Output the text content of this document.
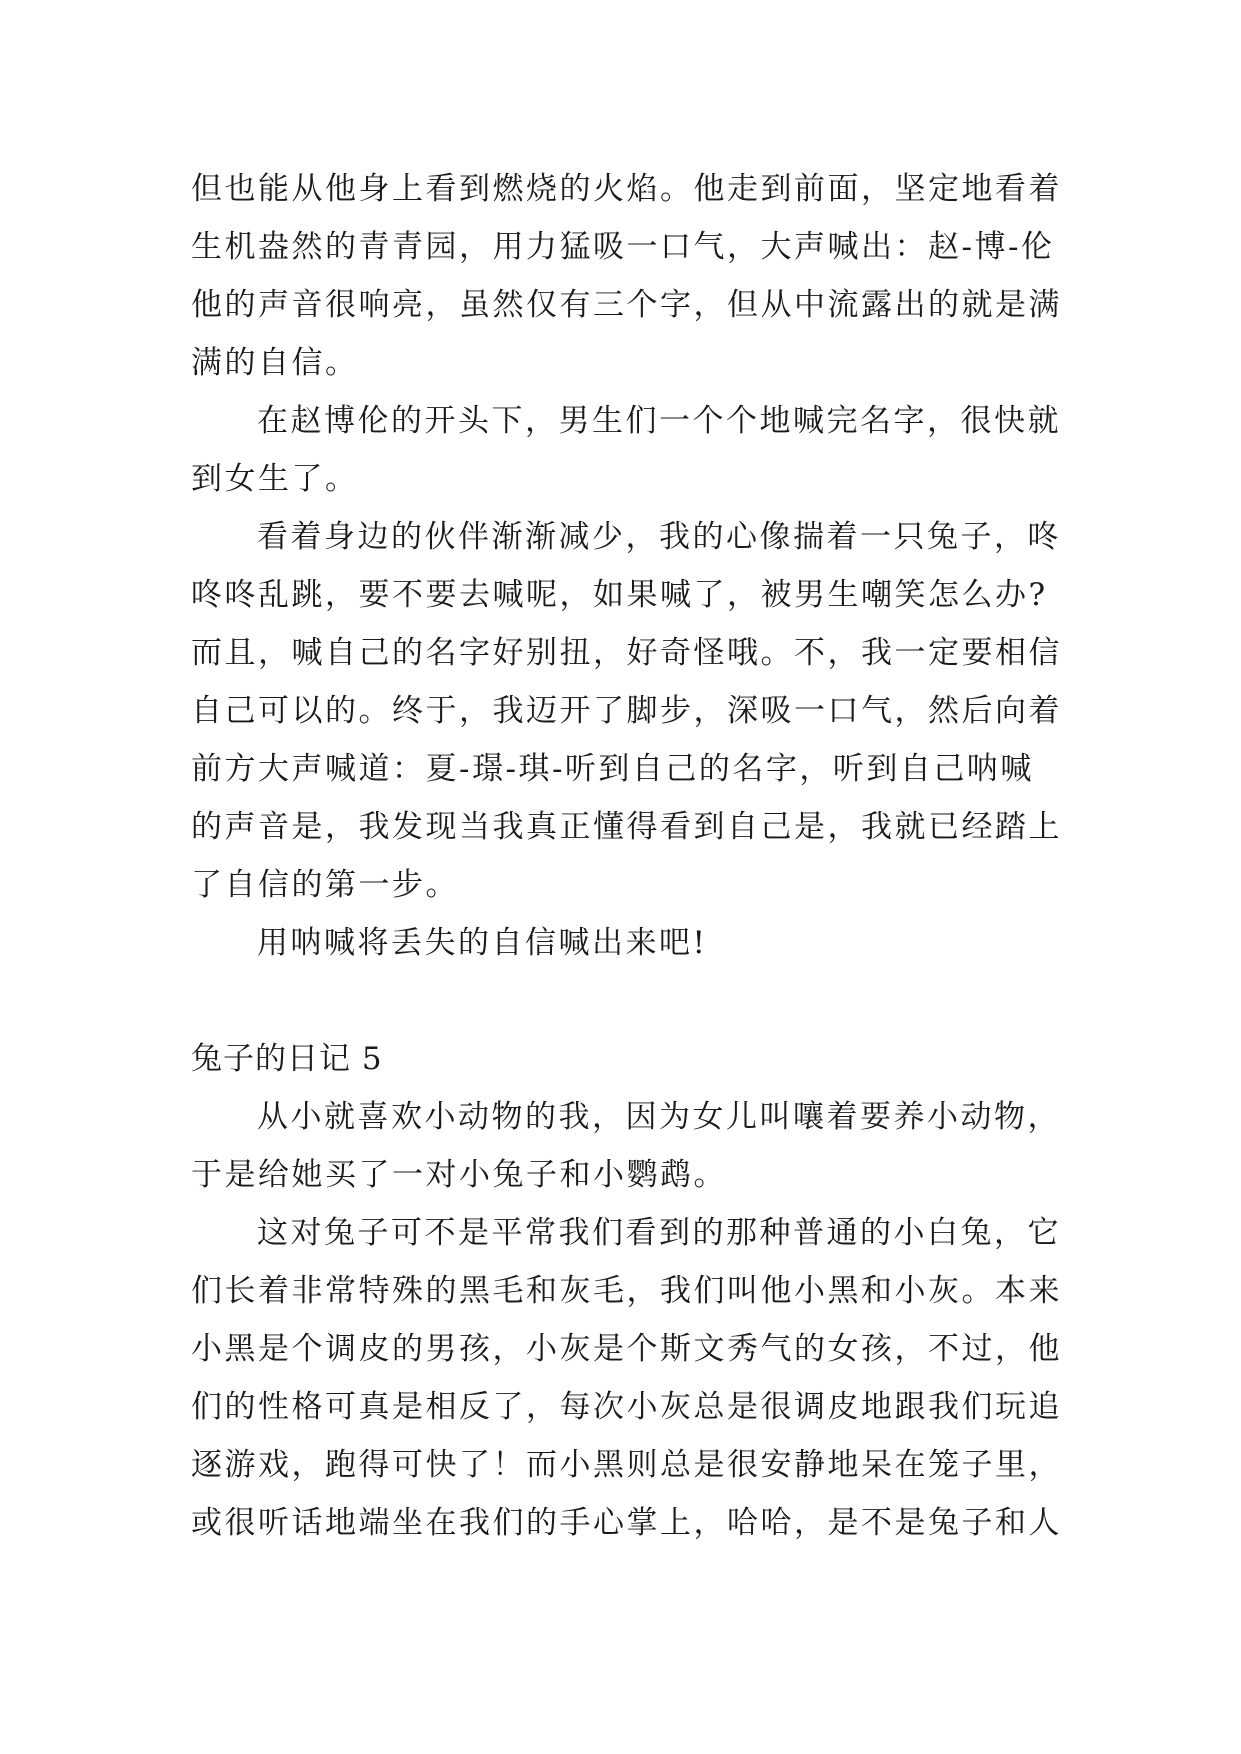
但也能从他身上看到燃烧的火焰。他走到前面，坚定地看着
生机盎然的青青园，用力猛吸一口气，大声喊出：赵-博-伦
他的声音很响亮，虽然仅有三个字，但从中流露出的就是满
满的自信。
在赵博伦的开头下，男生们一个个地喊完名字，很快就
到女生了。
看着身边的伙伴渐渐减少，我的心像揣着一只兔子，咚
咚咚乱跳，要不要去喊呢，如果喊了，被男生嘲笑怎么办?
而且，喊自己的名字好别扭，好奇怪哦。不，我一定要相信
自己可以的。终于，我迈开了脚步，深吸一口气，然后向着
前方大声喊道：夏-璟-琪-听到自己的名字，听到自己呐喊
的声音是，我发现当我真正懂得看到自己是，我就已经踏上
了自信的第一步。
用呐喊将丢失的自信喊出来吧!
兔子的日记 5
从小就喜欢小动物的我，因为女儿叫嚷着要养小动物，
于是给她买了一对小兔子和小鹦鹉。
这对兔子可不是平常我们看到的那种普通的小白兔，它
们长着非常特殊的黑毛和灰毛，我们叫他小黑和小灰。本来
小黑是个调皮的男孩，小灰是个斯文秀气的女孩，不过，他
们的性格可真是相反了，每次小灰总是很调皮地跟我们玩追
逐游戏，跑得可快了！而小黑则总是很安静地呆在笼子里，
或很听话地端坐在我们的手心掌上，哈哈，是不是兔子和人
